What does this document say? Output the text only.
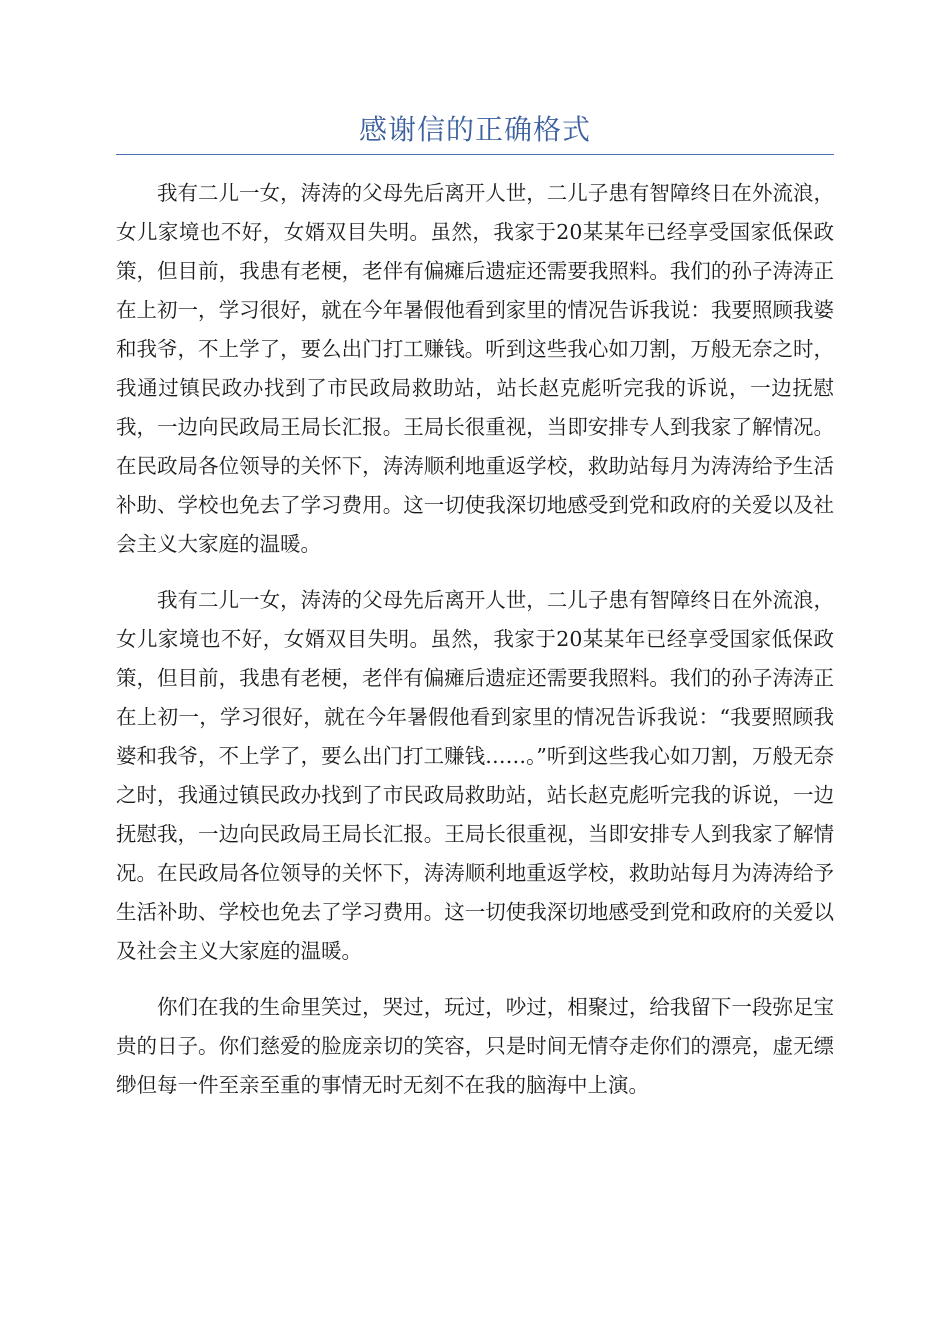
感谢信的正确格式

我有二儿一女，涛涛的父母先后离开人世，二儿子患有智障终日在外流浪，女儿家境也不好，女婿双目失明。虽然，我家于20某某年已经享受国家低保政策，但目前，我患有老梗，老伴有偏瘫后遗症还需要我照料。我们的孙子涛涛正在上初一，学习很好，就在今年暑假他看到家里的情况告诉我说：我要照顾我婆和我爷，不上学了，要么出门打工赚钱。听到这些我心如刀割，万般无奈之时，我通过镇民政办找到了市民政局救助站，站长赵克彪听完我的诉说，一边抚慰我，一边向民政局王局长汇报。王局长很重视，当即安排专人到我家了解情况。在民政局各位领导的关怀下，涛涛顺利地重返学校，救助站每月为涛涛给予生活补助、学校也免去了学习费用。这一切使我深切地感受到党和政府的关爱以及社会主义大家庭的温暖。

我有二儿一女，涛涛的父母先后离开人世，二儿子患有智障终日在外流浪，女儿家境也不好，女婿双目失明。虽然，我家于20某某年已经享受国家低保政策，但目前，我患有老梗，老伴有偏瘫后遗症还需要我照料。我们的孙子涛涛正在上初一，学习很好，就在今年暑假他看到家里的情况告诉我说：“我要照顾我婆和我爷，不上学了，要么出门打工赚钱……。”听到这些我心如刀割，万般无奈之时，我通过镇民政办找到了市民政局救助站，站长赵克彪听完我的诉说，一边抚慰我，一边向民政局王局长汇报。王局长很重视，当即安排专人到我家了解情况。在民政局各位领导的关怀下，涛涛顺利地重返学校，救助站每月为涛涛给予生活补助、学校也免去了学习费用。这一切使我深切地感受到党和政府的关爱以及社会主义大家庭的温暖。

你们在我的生命里笑过，哭过，玩过，吵过，相聚过，给我留下一段弥足宝贵的日子。你们慈爱的脸庞亲切的笑容，只是时间无情夺走你们的漂亮，虚无缥缈但每一件至亲至重的事情无时无刻不在我的脑海中上演。
